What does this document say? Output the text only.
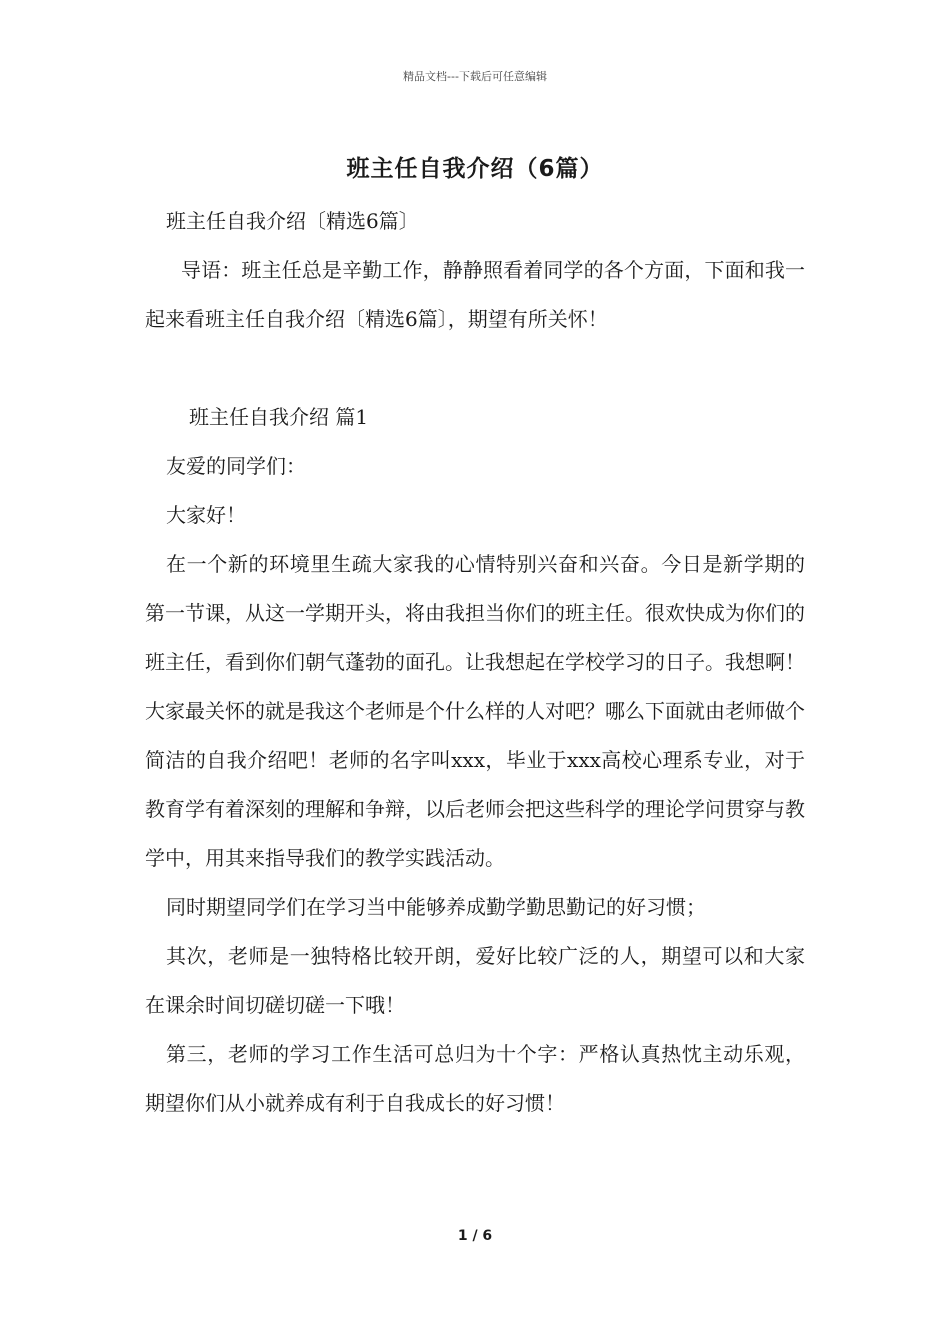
精品文档---下载后可任意编辑
班主任自我介绍（6篇）

班主任自我介绍〔精选6篇〕

导语：班主任总是辛勤工作，静静照看着同学的各个方面，下面和我一起来看班主任自我介绍〔精选6篇〕，期望有所关怀！

班主任自我介绍 篇1

友爱的同学们：

大家好！

在一个新的环境里生疏大家我的心情特别兴奋和兴奋。今日是新学期的第一节课，从这一学期开头，将由我担当你们的班主任。很欢快成为你们的班主任，看到你们朝气蓬勃的面孔。让我想起在学校学习的日子。我想啊！大家最关怀的就是我这个老师是个什么样的人对吧？哪么下面就由老师做个简洁的自我介绍吧！老师的名字叫xxx，毕业于xxx高校心理系专业，对于教育学有着深刻的理解和争辩，以后老师会把这些科学的理论学问贯穿与教学中，用其来指导我们的教学实践活动。

同时期望同学们在学习当中能够养成勤学勤思勤记的好习惯；

其次，老师是一独特格比较开朗，爱好比较广泛的人，期望可以和大家在课余时间切磋切磋一下哦！

第三，老师的学习工作生活可总归为十个字：严格认真热忱主动乐观，期望你们从小就养成有利于自我成长的好习惯！

1 / 6
